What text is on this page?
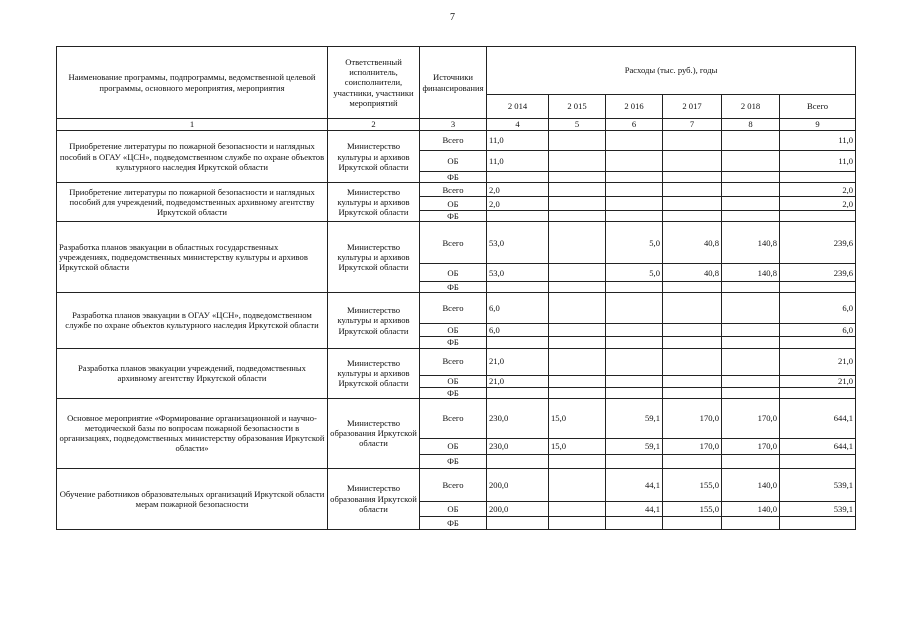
7
Наименование программы, подпрограммы, ведомственной целевой программы, основного мероприятия, мероприятия	Ответственный исполнитель, соисполнители, участники, участники мероприятий	Источники финансирования	Расходы (тыс. руб.), годы					
			2 014	2 015	2 016	2 017	2 018	Всего
1	2	3	4	5	6	7	8	9
Приобретение литературы по пожарной безопасности и наглядных пособий в ОГАУ «ЦСН», подведомственном службе по охране объектов культурного наследия Иркутской области	Министерство культуры и архивов Иркутской области	Всего	11,0					11,0
		ОБ	11,0					11,0
		ФБ						
Приобретение литературы по пожарной безопасности и наглядных пособий для учреждений, подведомственных архивному агентству Иркутской области	Министерство культуры и архивов Иркутской области	Всего	2,0					2,0
		ОБ	2,0					2,0
		ФБ						
Разработка планов эвакуации в областных государственных учреждениях, подведомственных министерству культуры и архивов Иркутской области	Министерство культуры и архивов Иркутской области	Всего	53,0		5,0	40,8	140,8	239,6
		ОБ	53,0		5,0	40,8	140,8	239,6
		ФБ						
Разработка планов эвакуации в ОГАУ «ЦСН», подведомственном службе по охране объектов культурного наследия Иркутской области	Министерство культуры и архивов Иркутской области	Всего	6,0					6,0
		ОБ	6,0					6,0
		ФБ						
Разработка планов эвакуации учреждений, подведомственных архивному агентству Иркутской области	Министерство культуры и архивов Иркутской области	Всего	21,0					21,0
		ОБ	21,0					21,0
		ФБ						
Основное мероприятие «Формирование организационной и научно-методической базы по вопросам пожарной безопасности в организациях, подведомственных министерству образования Иркутской области»	Министерство образования Иркутской области	Всего	230,0	15,0	59,1	170,0	170,0	644,1
		ОБ	230,0	15,0	59,1	170,0	170,0	644,1
		ФБ						
Обучение работников образовательных организаций Иркутской области мерам пожарной безопасности	Министерство образования Иркутской области	Всего	200,0		44,1	155,0	140,0	539,1
		ОБ	200,0		44,1	155,0	140,0	539,1
		ФБ						
